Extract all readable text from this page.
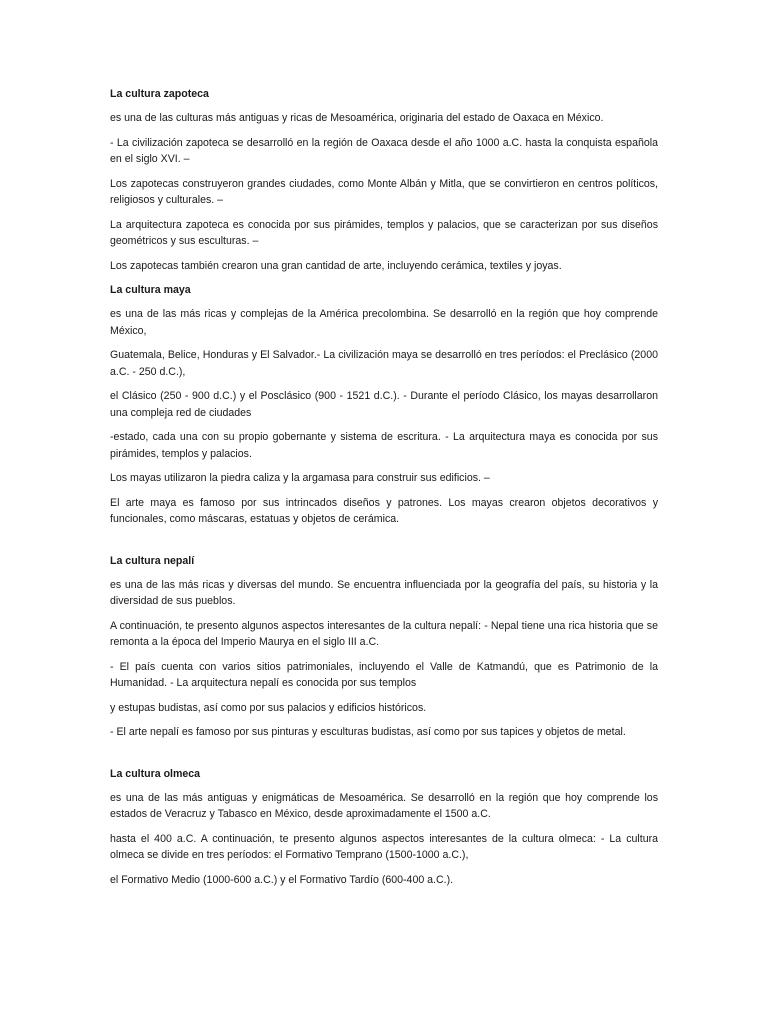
La cultura zapoteca

es una de las culturas más antiguas y ricas de Mesoamérica, originaria del estado de Oaxaca en México.

- La civilización zapoteca se desarrolló en la región de Oaxaca desde el año 1000 a.C. hasta la conquista española en el siglo XVI. –

Los zapotecas construyeron grandes ciudades, como Monte Albán y Mitla, que se convirtieron en centros políticos, religiosos y culturales. –

La arquitectura zapoteca es conocida por sus pirámides, templos y palacios, que se caracterizan por sus diseños geométricos y sus esculturas. –

Los zapotecas también crearon una gran cantidad de arte, incluyendo cerámica, textiles y joyas.

La cultura maya

es una de las más ricas y complejas de la América precolombina. Se desarrolló en la región que hoy comprende México,

Guatemala, Belice, Honduras y El Salvador.- La civilización maya se desarrolló en tres períodos: el Preclásico (2000 a.C. - 250 d.C.),

el Clásico (250 - 900 d.C.) y el Posclásico (900 - 1521 d.C.). - Durante el período Clásico, los mayas desarrollaron una compleja red de ciudades

-estado, cada una con su propio gobernante y sistema de escritura. - La arquitectura maya es conocida por sus pirámides, templos y palacios.

Los mayas utilizaron la piedra caliza y la argamasa para construir sus edificios. –

El arte maya es famoso por sus intrincados diseños y patrones. Los mayas crearon objetos decorativos y funcionales, como máscaras, estatuas y objetos de cerámica.

La cultura nepalí

es una de las más ricas y diversas del mundo. Se encuentra influenciada por la geografía del país, su historia y la diversidad de sus pueblos.

A continuación, te presento algunos aspectos interesantes de la cultura nepalí: - Nepal tiene una rica historia que se remonta a la época del Imperio Maurya en el siglo III a.C.

- El país cuenta con varios sitios patrimoniales, incluyendo el Valle de Katmandú, que es Patrimonio de la Humanidad. - La arquitectura nepalí es conocida por sus templos

y estupas budistas, así como por sus palacios y edificios históricos.

- El arte nepalí es famoso por sus pinturas y esculturas budistas, así como por sus tapices y objetos de metal.

La cultura olmeca

es una de las más antiguas y enigmáticas de Mesoamérica. Se desarrolló en la región que hoy comprende los estados de Veracruz y Tabasco en México, desde aproximadamente el 1500 a.C.

hasta el 400 a.C. A continuación, te presento algunos aspectos interesantes de la cultura olmeca: - La cultura olmeca se divide en tres períodos: el Formativo Temprano (1500-1000 a.C.),

el Formativo Medio (1000-600 a.C.) y el Formativo Tardío (600-400 a.C.).
